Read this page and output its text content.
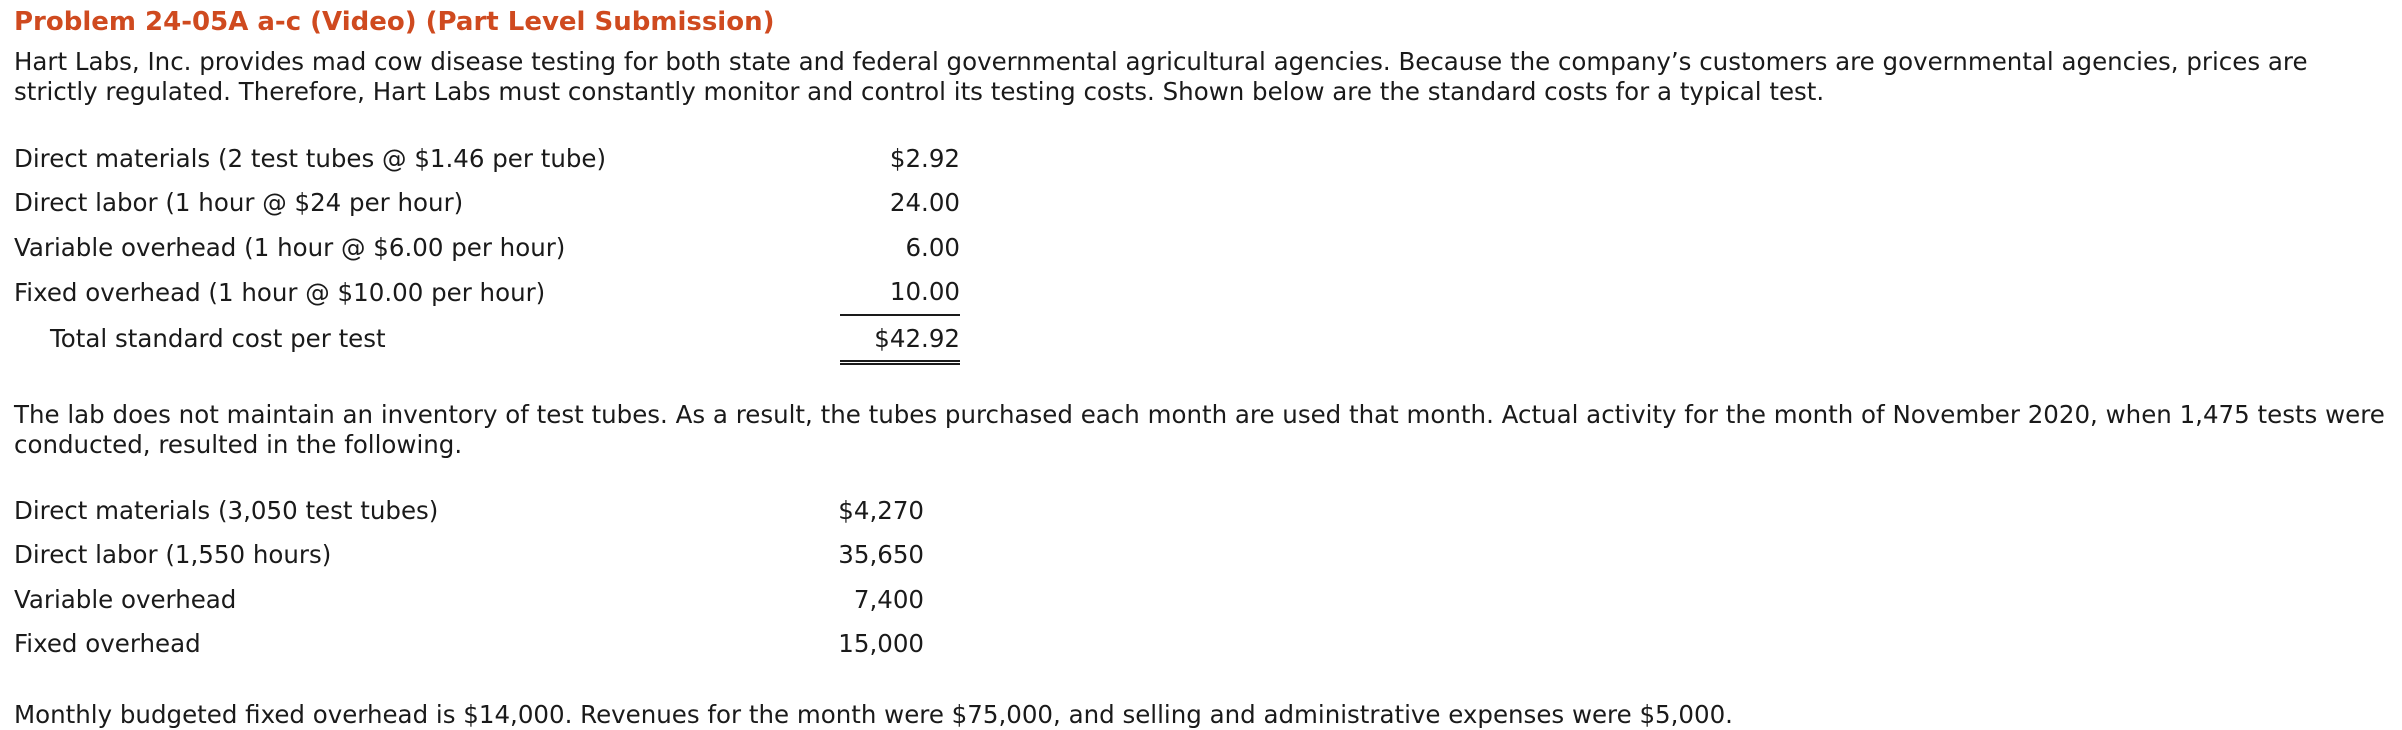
Problem 24-05A a-c (Video) (Part Level Submission)

Hart Labs, Inc. provides mad cow disease testing for both state and federal governmental agricultural agencies. Because the company’s customers are governmental agencies, prices are strictly regulated. Therefore, Hart Labs must constantly monitor and control its testing costs. Shown below are the standard costs for a typical test.

Direct materials (2 test tubes @ $1.46 per tube)	$2.92
Direct labor (1 hour @ $24 per hour)	24.00
Variable overhead (1 hour @ $6.00 per hour)	6.00
Fixed overhead (1 hour @ $10.00 per hour)	10.00
Total standard cost per test	$42.92

The lab does not maintain an inventory of test tubes. As a result, the tubes purchased each month are used that month. Actual activity for the month of November 2020, when 1,475 tests were conducted, resulted in the following.

Direct materials (3,050 test tubes)	$4,270
Direct labor (1,550 hours)	35,650
Variable overhead	7,400
Fixed overhead	15,000

Monthly budgeted fixed overhead is $14,000. Revenues for the month were $75,000, and selling and administrative expenses were $5,000.
